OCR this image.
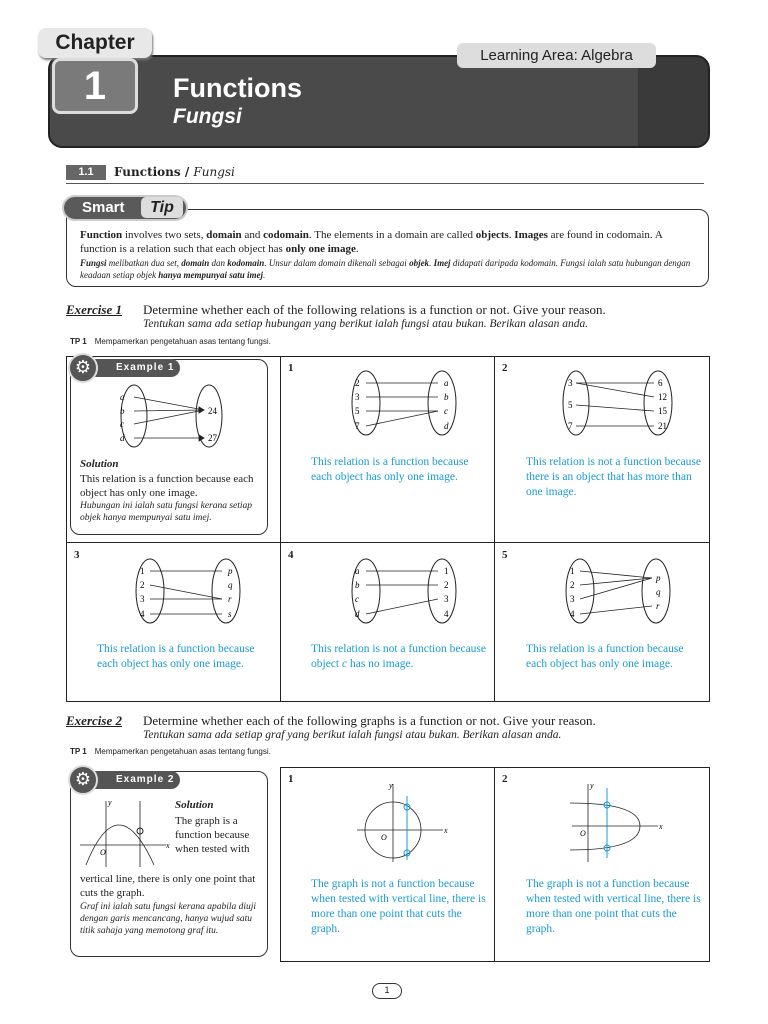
Chapter
1
Learning Area: Algebra
Functions
Fungsi
1.1	Functions / Fungsi
Smart	Tip
Function involves two sets, domain and codomain. The elements in a domain are called objects. Images are found in codomain. A function is a relation such that each object has only one image.
Fungsi melibatkan dua set, domain dan kodomain. Unsur dalam domain dikenali sebagai objek. Imej didapati daripada kodomain. Fungsi ialah satu hubungan dengan keadaan setiap objek hanya mempunyai satu imej.
Exercise 1 Determine whether each of the following relations is a function or not. Give your reason.
Tentukan sama ada setiap hubungan yang berikut ialah fungsi atau bukan. Berikan alasan anda.
TP 1 Mempamerkan pengetahuan asas tentang fungsi.
Example 1
⚙
a
b
c
d
24
27
Solution
This relation is a function because each object has only one image.
Hubungan ini ialah satu fungsi kerana setiap objek hanya mempunyai satu imej.
1	2
3	4	5
2
3
5
7
a
b
c
d
3
5
7
6
12
15
21
1
2
3
4
p
q
r
s
a
b
c
d
1
2
3
4
1
2
3
4
p
q
r
This relation is a function because each object has only one image.
This relation is not a function because there is an object that has more than one image.
This relation is a function because each object has only one image.
This relation is not a function because object c has no image.
This relation is a function because each object has only one image.
Exercise 2 Determine whether each of the following graphs is a function or not. Give your reason.
Tentukan sama ada setiap graf yang berikut ialah fungsi atau bukan. Berikan alasan anda.
TP 1 Mempamerkan pengetahuan asas tentang fungsi.
Example 2
⚙
y
x
O
Solution
The graph is a function because when tested with
vertical line, there is only one point that cuts the graph.
Graf ini ialah satu fungsi kerana apabila diuji dengan garis mencancang, hanya wujud satu titik sahaja yang memotong graf itu.
1	2
y
x
O
y
x
O
The graph is not a function because when tested with vertical line, there is more than one point that cuts the graph.
The graph is not a function because when tested with vertical line, there is more than one point that cuts the graph.
1
